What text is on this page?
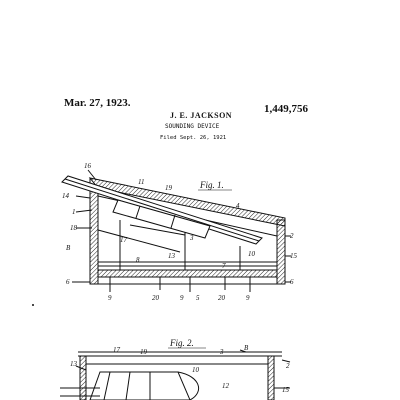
Mar. 27, 1923.
J. E. JACKSON
1,449,756
SOUNDING DEVICE
Filed Sept. 26, 1921
Fig. 1.
16
14
11
19
4
1
18
17	3	2
B
13	10	15
8
7
6	6
9	20	9 5	20	9
Fig. 2.
17	19	3	B
2
13
10
12	15
